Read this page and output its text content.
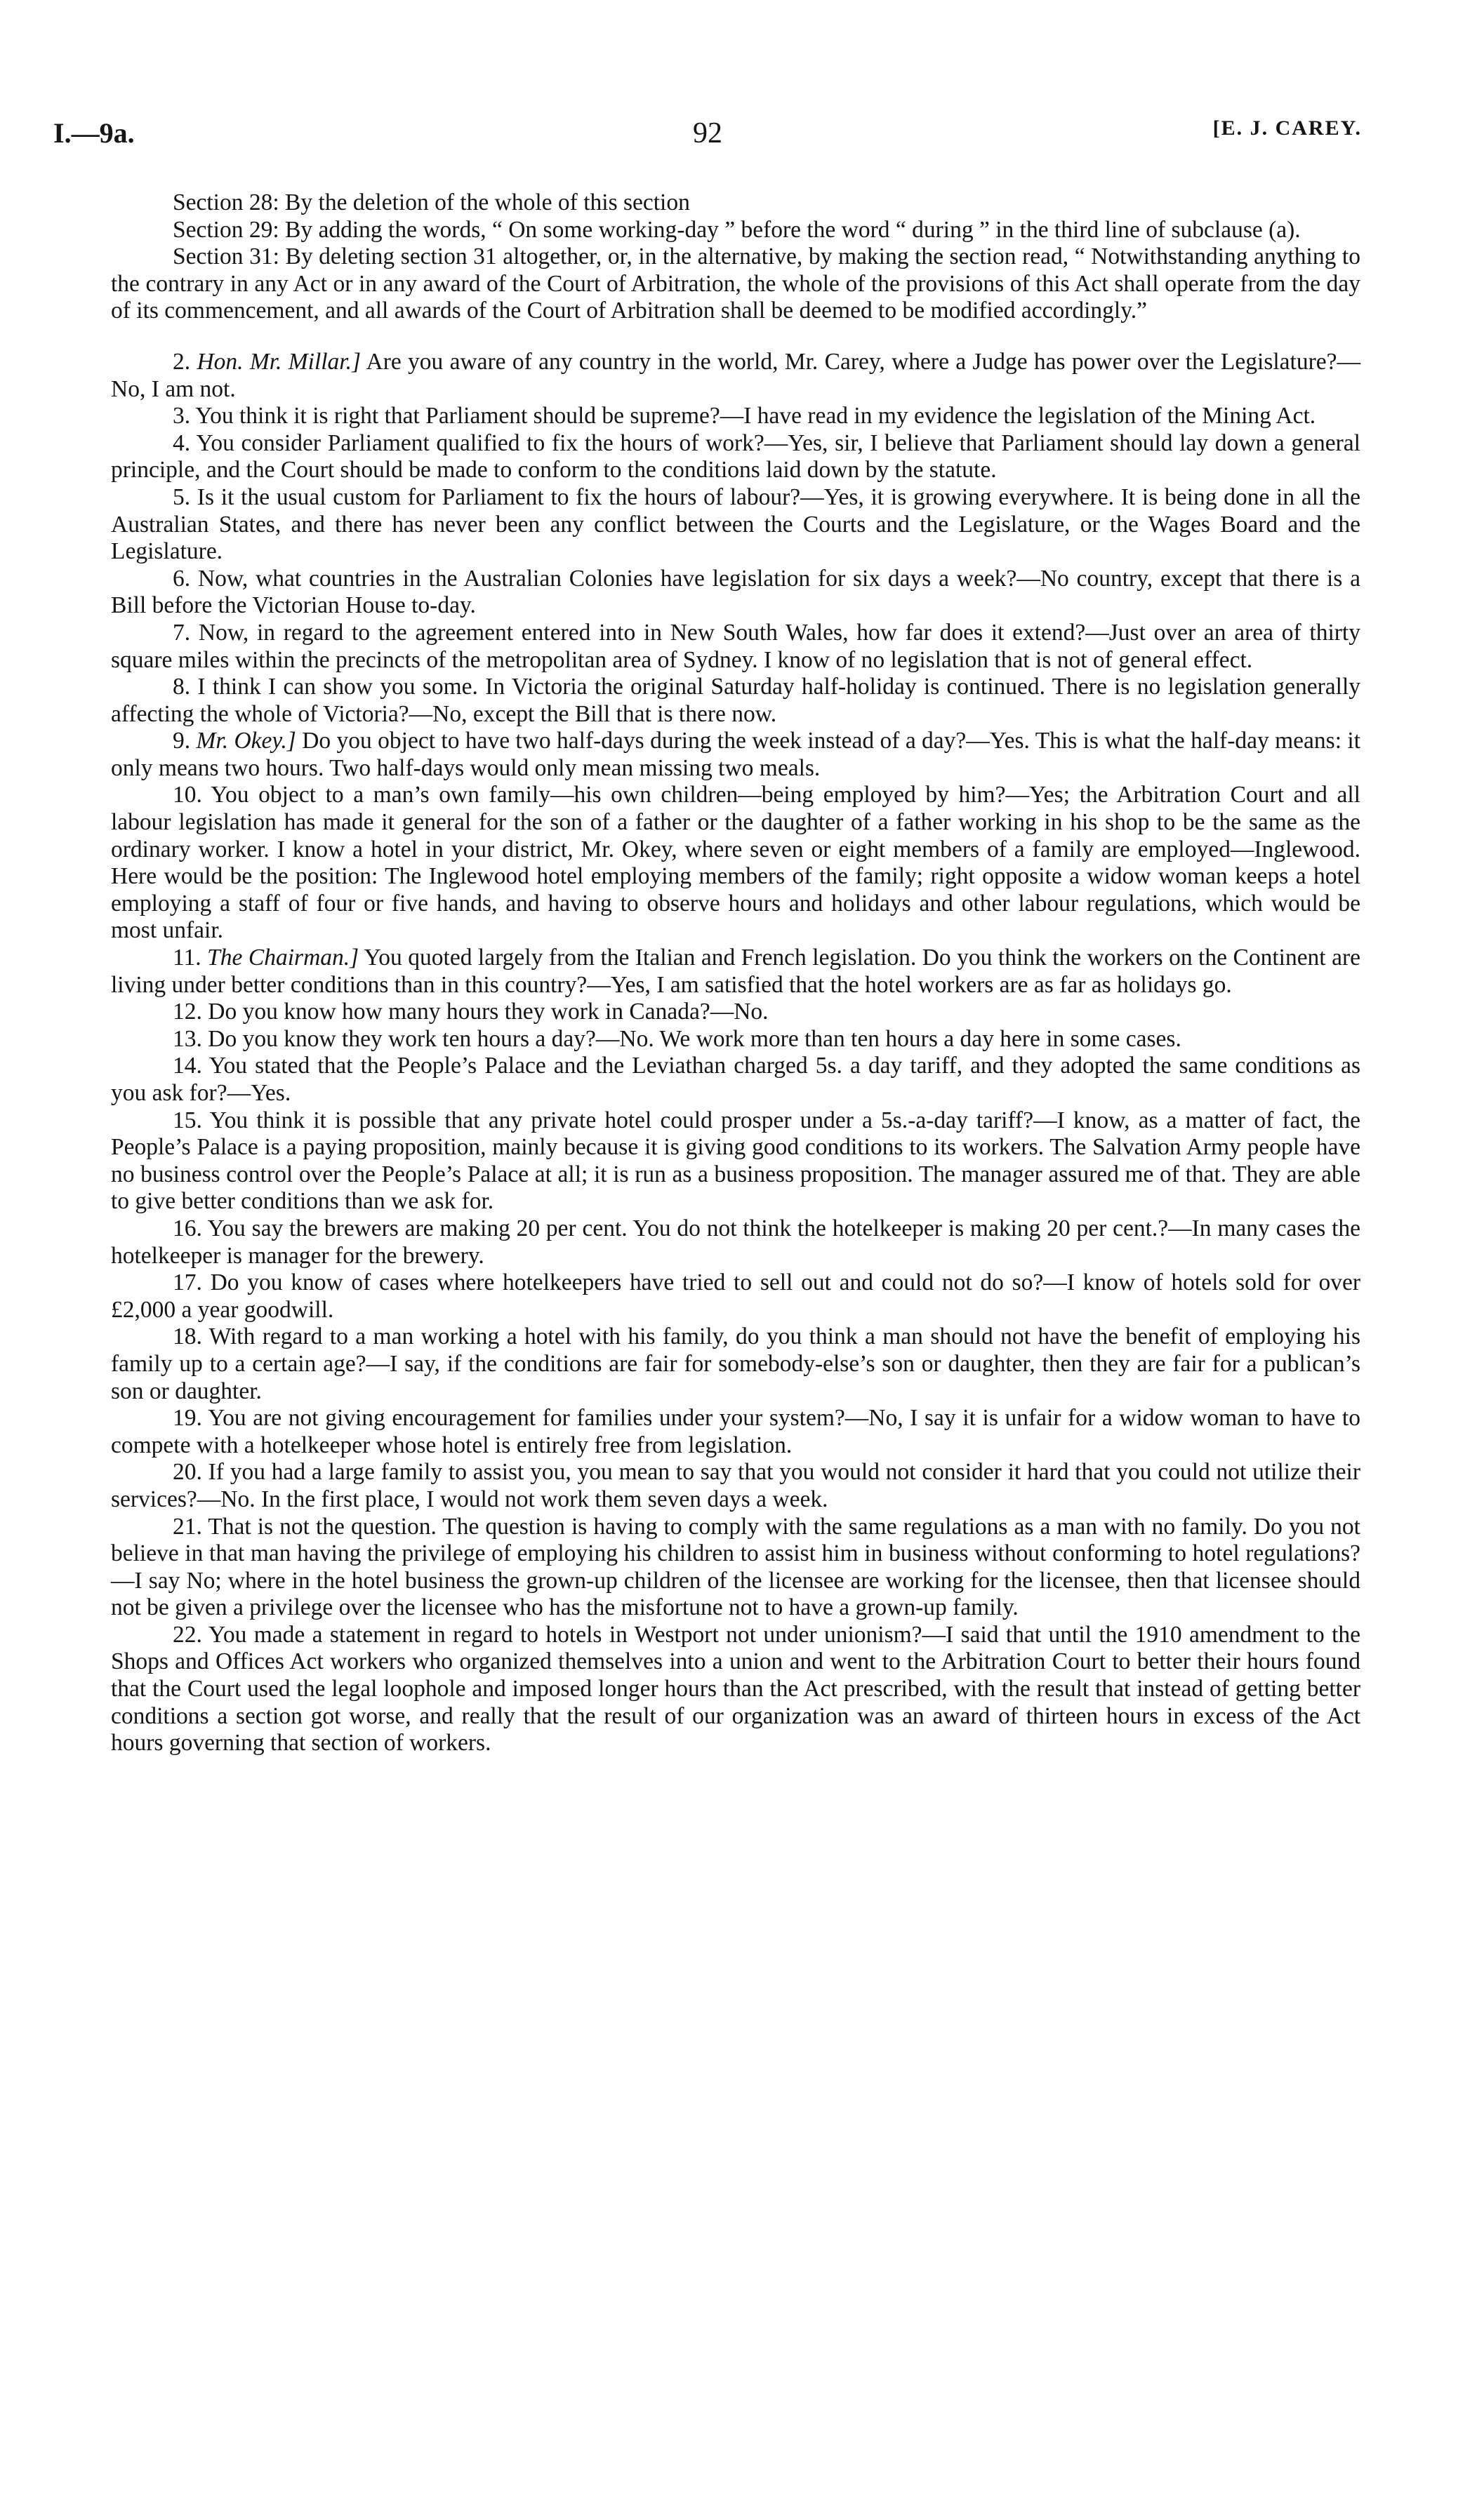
I.—9a.	92	[E. J. CAREY.

Section 28: By the deletion of the whole of this section

Section 29: By adding the words, “ On some working-day ” before the word “ during ” in the third line of subclause (a).

Section 31: By deleting section 31 altogether, or, in the alternative, by making the section read, “ Notwithstanding anything to the contrary in any Act or in any award of the Court of Arbitration, the whole of the provisions of this Act shall operate from the day of its commencement, and all awards of the Court of Arbitration shall be deemed to be modified accordingly.”

2. Hon. Mr. Millar.] Are you aware of any country in the world, Mr. Carey, where a Judge has power over the Legislature?—No, I am not.

3. You think it is right that Parliament should be supreme?—I have read in my evidence the legislation of the Mining Act.

4. You consider Parliament qualified to fix the hours of work?—Yes, sir, I believe that Parliament should lay down a general principle, and the Court should be made to conform to the conditions laid down by the statute.

5. Is it the usual custom for Parliament to fix the hours of labour?—Yes, it is growing everywhere. It is being done in all the Australian States, and there has never been any conflict between the Courts and the Legislature, or the Wages Board and the Legislature.

6. Now, what countries in the Australian Colonies have legislation for six days a week?—No country, except that there is a Bill before the Victorian House to-day.

7. Now, in regard to the agreement entered into in New South Wales, how far does it extend?—Just over an area of thirty square miles within the precincts of the metropolitan area of Sydney. I know of no legislation that is not of general effect.

8. I think I can show you some. In Victoria the original Saturday half-holiday is continued. There is no legislation generally affecting the whole of Victoria?—No, except the Bill that is there now.

9. Mr. Okey.] Do you object to have two half-days during the week instead of a day?—Yes. This is what the half-day means: it only means two hours. Two half-days would only mean missing two meals.

10. You object to a man’s own family—his own children—being employed by him?—Yes; the Arbitration Court and all labour legislation has made it general for the son of a father or the daughter of a father working in his shop to be the same as the ordinary worker. I know a hotel in your district, Mr. Okey, where seven or eight members of a family are employed—Inglewood. Here would be the position: The Inglewood hotel employing members of the family; right opposite a widow woman keeps a hotel employing a staff of four or five hands, and having to observe hours and holidays and other labour regulations, which would be most unfair.

11. The Chairman.] You quoted largely from the Italian and French legislation. Do you think the workers on the Continent are living under better conditions than in this country?—Yes, I am satisfied that the hotel workers are as far as holidays go.

12. Do you know how many hours they work in Canada?—No.

13. Do you know they work ten hours a day?—No. We work more than ten hours a day here in some cases.

14. You stated that the People’s Palace and the Leviathan charged 5s. a day tariff, and they adopted the same conditions as you ask for?—Yes.

15. You think it is possible that any private hotel could prosper under a 5s.-a-day tariff?—I know, as a matter of fact, the People’s Palace is a paying proposition, mainly because it is giving good conditions to its workers. The Salvation Army people have no business control over the People’s Palace at all; it is run as a business proposition. The manager assured me of that. They are able to give better conditions than we ask for.

16. You say the brewers are making 20 per cent. You do not think the hotelkeeper is making 20 per cent.?—In many cases the hotelkeeper is manager for the brewery.

17. Do you know of cases where hotelkeepers have tried to sell out and could not do so?—I know of hotels sold for over £2,000 a year goodwill.

18. With regard to a man working a hotel with his family, do you think a man should not have the benefit of employing his family up to a certain age?—I say, if the conditions are fair for somebody-else’s son or daughter, then they are fair for a publican’s son or daughter.

19. You are not giving encouragement for families under your system?—No, I say it is unfair for a widow woman to have to compete with a hotelkeeper whose hotel is entirely free from legislation.

20. If you had a large family to assist you, you mean to say that you would not consider it hard that you could not utilize their services?—No. In the first place, I would not work them seven days a week.

21. That is not the question. The question is having to comply with the same regulations as a man with no family. Do you not believe in that man having the privilege of employing his children to assist him in business without conforming to hotel regulations?—I say No; where in the hotel business the grown-up children of the licensee are working for the licensee, then that licensee should not be given a privilege over the licensee who has the misfortune not to have a grown-up family.

22. You made a statement in regard to hotels in Westport not under unionism?—I said that until the 1910 amendment to the Shops and Offices Act workers who organized themselves into a union and went to the Arbitration Court to better their hours found that the Court used the legal loophole and imposed longer hours than the Act prescribed, with the result that instead of getting better conditions a section got worse, and really that the result of our organization was an award of thirteen hours in excess of the Act hours governing that section of workers.
